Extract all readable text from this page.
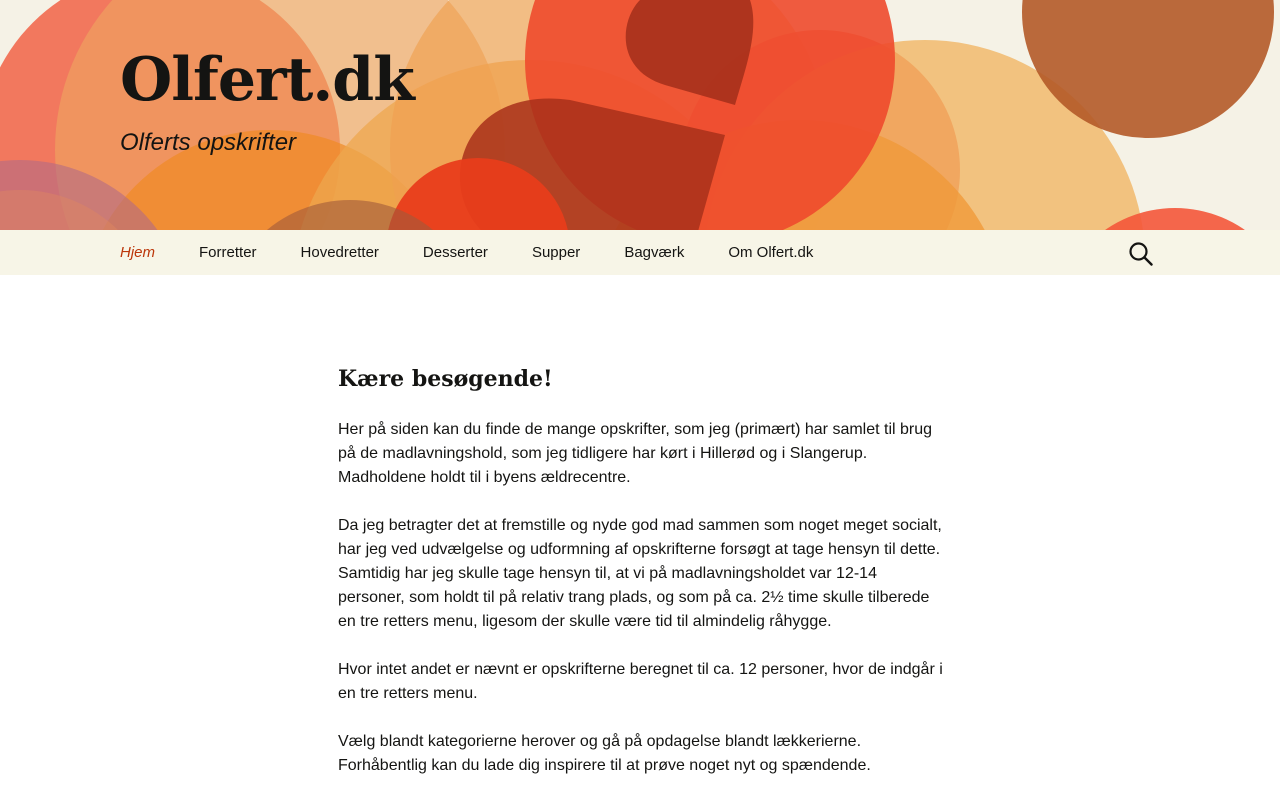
Olfert.dk
Olferts opskrifter
Hjem	Forretter	Hovedretter	Desserter	Supper	Bagværk	Om Olfert.dk
Kære besøgende!

Her på siden kan du finde de mange opskrifter, som jeg (primært) har samlet til brug på de madlavningshold, som jeg tidligere har kørt i Hillerød og i Slangerup. Madholdene holdt til i byens ældrecentre.

Da jeg betragter det at fremstille og nyde god mad sammen som noget meget socialt, har jeg ved udvælgelse og udformning af opskrifterne forsøgt at tage hensyn til dette. Samtidig har jeg skulle tage hensyn til, at vi på madlavningsholdet var 12-14 personer, som holdt til på relativ trang plads, og som på ca. 2½ time skulle tilberede en tre retters menu, ligesom der skulle være tid til almindelig råhygge.

Hvor intet andet er nævnt er opskrifterne beregnet til ca. 12 personer, hvor de indgår i en tre retters menu.

Vælg blandt kategorierne herover og gå på opdagelse blandt lækkerierne. Forhåbentlig kan du lade dig inspirere til at prøve noget nyt og spændende.
